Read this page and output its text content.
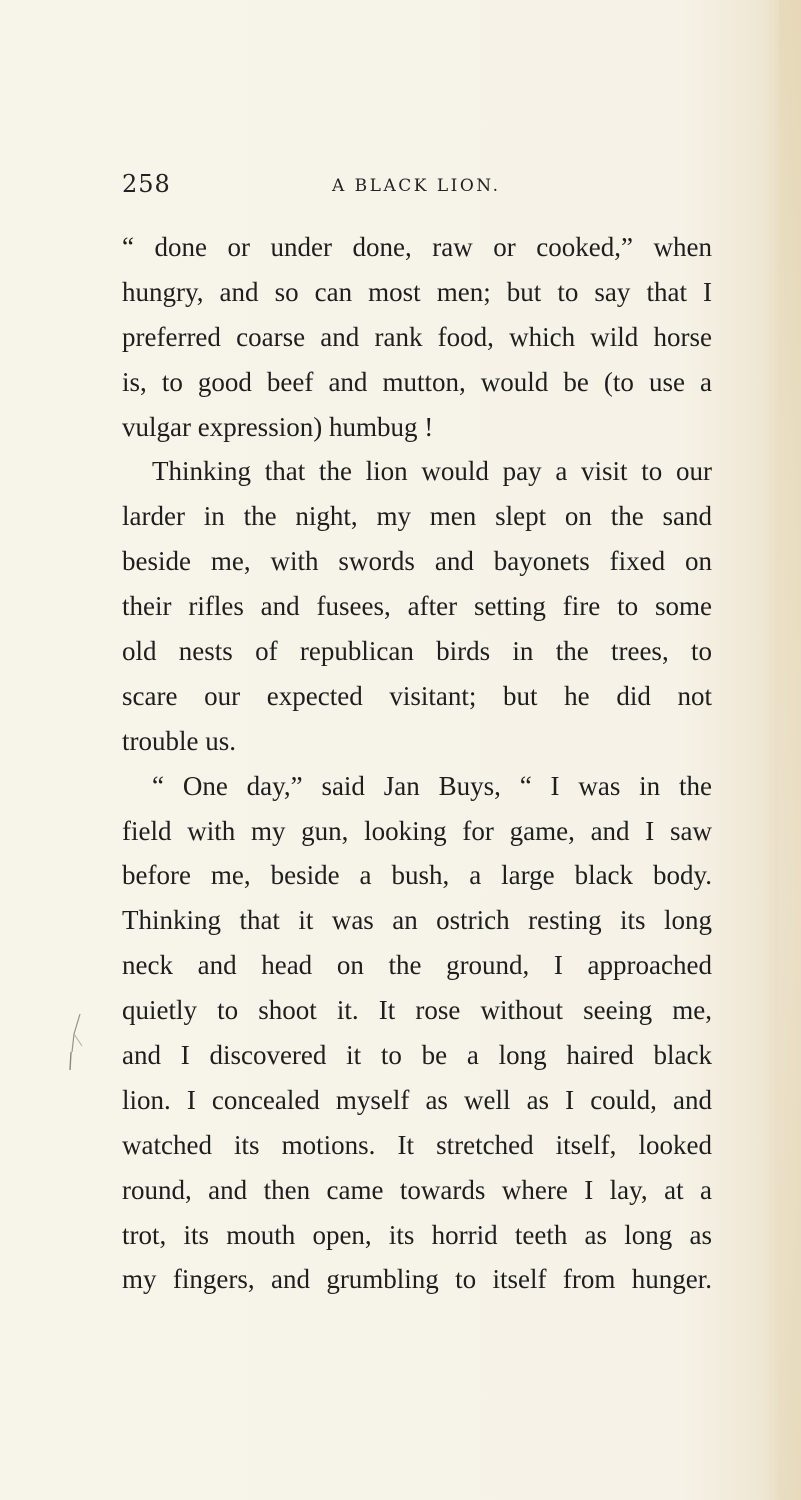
258	A BLACK LION.
“ done or under done, raw or cooked,” when
hungry, and so can most men; but to say that I
preferred coarse and rank food, which wild horse
is, to good beef and mutton, would be (to use a
vulgar expression) humbug !
Thinking that the lion would pay a visit to our
larder in the night, my men slept on the sand
beside me, with swords and bayonets fixed on
their rifles and fusees, after setting fire to some
old nests of republican birds in the trees, to
scare our expected visitant; but he did not
trouble us.
“ One day,” said Jan Buys, “ I was in the
field with my gun, looking for game, and I saw
before me, beside a bush, a large black body.
Thinking that it was an ostrich resting its long
neck and head on the ground, I approached
quietly to shoot it. It rose without seeing me,
and I discovered it to be a long haired black
lion. I concealed myself as well as I could, and
watched its motions. It stretched itself, looked
round, and then came towards where I lay, at a
trot, its mouth open, its horrid teeth as long as
my fingers, and grumbling to itself from hunger.
